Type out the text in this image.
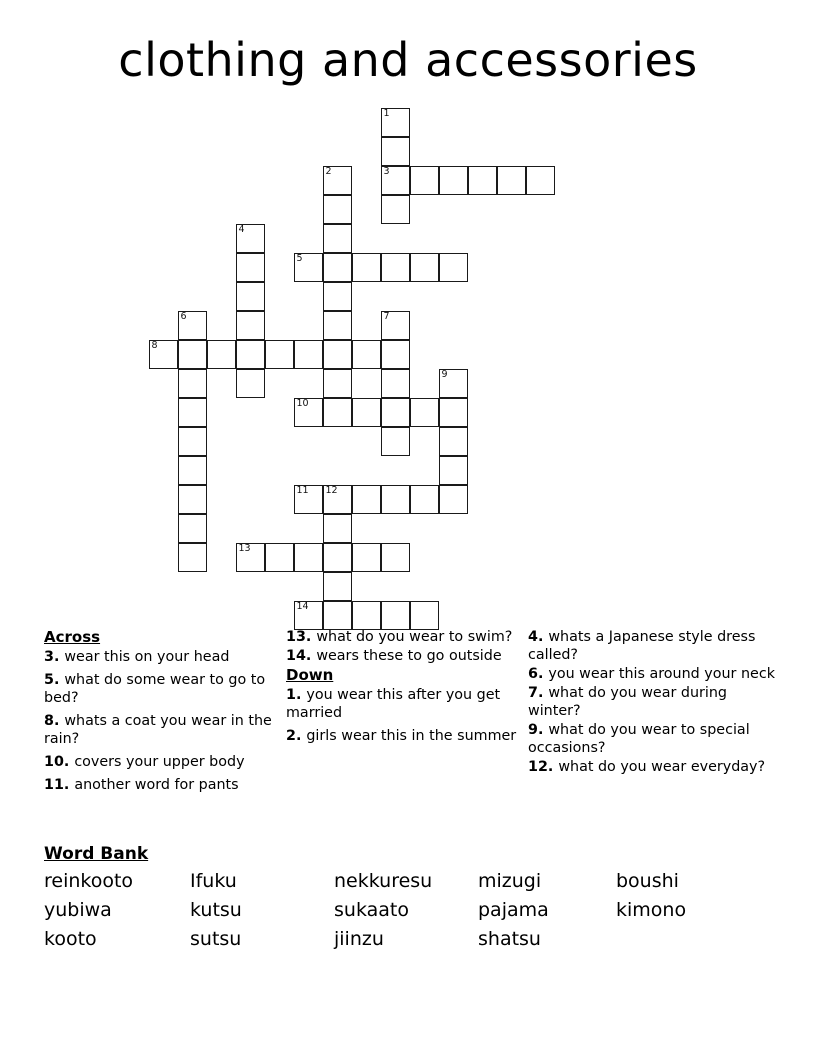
clothing and accessories
1
2	3
4
5
6	7
8
9
10
11 12
13
14
Across
3. wear this on your head
5. what do some wear to go to bed?
8. whats a coat you wear in the rain?
10. covers your upper body
11. another word for pants
13. what do you wear to swim?
14. wears these to go outside
Down
1. you wear this after you get married
2. girls wear this in the summer
4. whats a Japanese style dress called?
6. you wear this around your neck
7. what do you wear during winter?
9. what do you wear to special occasions?
12. what do you wear everyday?
Word Bank
reinkooto	Ifuku	nekkuresu mizugi	boushi
yubiwa	kutsu	sukaato	pajama	kimono
kooto	sutsu	jiinzu	shatsu
